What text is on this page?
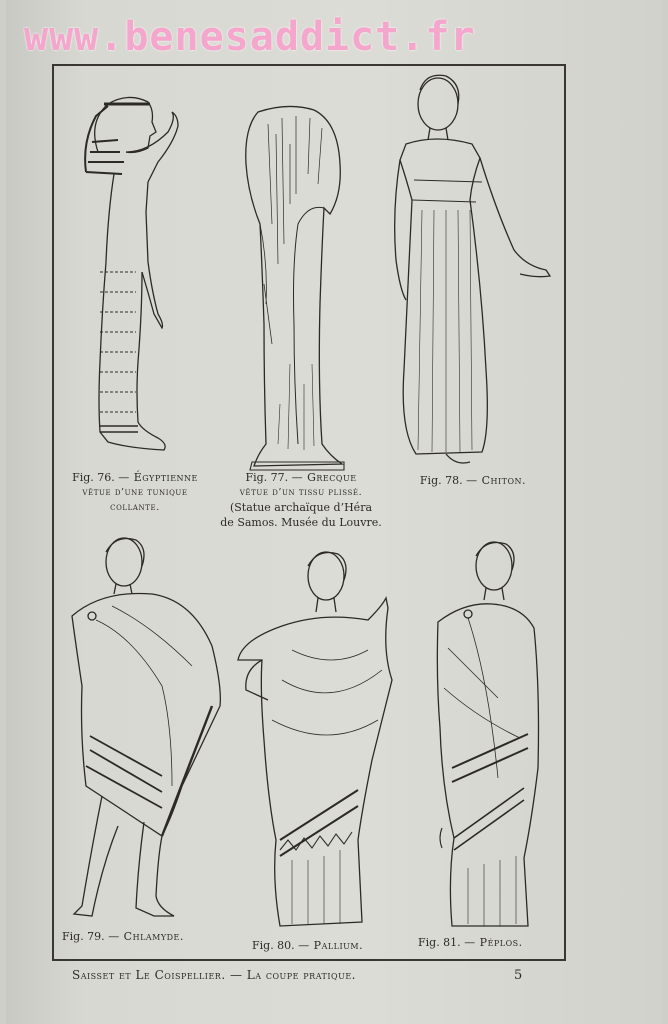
www.benesaddict.fr
Fig. 76. — Égyptienne
vêtue d’une tunique
collante.
Fig. 77. — Grecque
vêtue d’un tissu plissé.
(Statue archaïque d’Héra
de Samos. Musée du Louvre.
Fig. 78. — Chiton.
Fig. 79. — Chlamyde.
Fig. 80. — Pallium.	Fig. 81. — Péplos.
Saisset et Le Coispellier. — La coupe pratique.	5
